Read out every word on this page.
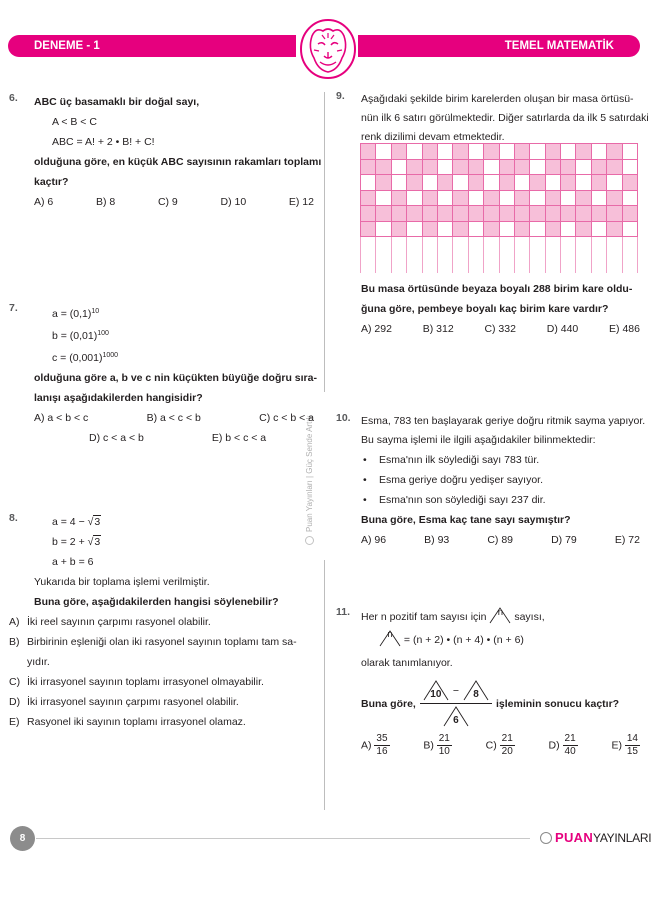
DENEME - 1	TEMEL MATEMATİK
Puan Yayınları | Güç Sende Artık
6. ABC üç basamaklı bir doğal sayı,
A < B < C
ABC = A! + 2 • B! + C!
olduğuna göre, en küçük ABC sayısının rakamları toplamı
kaçtır?
A) 6	B) 8	C) 9	D) 10	E) 12
7.	$a = (0,1)^{10}$
$b = (0,01)^{100}$
$c = (0,001)^{1000}$
olduğuna göre a, b ve c nin küçükten büyüğe doğru sıra-
lanışı aşağıdakilerden hangisidir?
A) a < b < c	B) a < c < b	C) c < b < a
D) c < a < b	E) b < c < a
8.	a = 4 − √3
b = 2 + √3
a + b = 6
Yukarıda bir toplama işlemi verilmiştir.
Buna göre, aşağıdakilerden hangisi söylenebilir?
A) İki reel sayının çarpımı rasyonel olabilir.
B) Birbirinin eşleniği olan iki rasyonel sayının toplamı tam sa-
yıdır.
C) İki irrasyonel sayının toplamı irrasyonel olmayabilir.
D) İki irrasyonel sayının çarpımı rasyonel olabilir.
E) Rasyonel iki sayının toplamı irrasyonel olamaz.
9. Aşağıdaki şekilde birim karelerden oluşan bir masa örtüsü-
nün ilk 6 satırı görülmektedir. Diğer satırlarda da ilk 5 satırdaki
renk dizilimi devam etmektedir.
Bu masa örtüsünde beyaza boyalı 288 birim kare oldu-
ğuna göre, pembeye boyalı kaç birim kare vardır?
A) 292	B) 312	C) 332	D) 440	E) 486
10. Esma, 783 ten başlayarak geriye doğru ritmik sayma yapıyor.
Bu sayma işlemi ile ilgili aşağıdakiler bilinmektedir:
•	Esma'nın ilk söylediği sayı 783 tür.
•	Esma geriye doğru yedişer sayıyor.
•	Esma'nın son söylediği sayı 237 dir.
Buna göre, Esma kaç tane sayı saymıştır?
A) 96	B) 93	C) 89	D) 79	E) 72
11. Her n pozitif tam sayısı için	n	sayısı,
n	= (n + 2) • (n + 4) • (n + 6)
olarak tanımlanıyor.
Buna göre,
10	−	8
6
işleminin sonucu kaçtır?
$A) \frac{35}{16}$	$B) \frac{21}{10}$	$C) \frac{21}{20}$	$D) \frac{21}{40}$	$E) \frac{14}{15}$
8	PUAN YAYINLARI
